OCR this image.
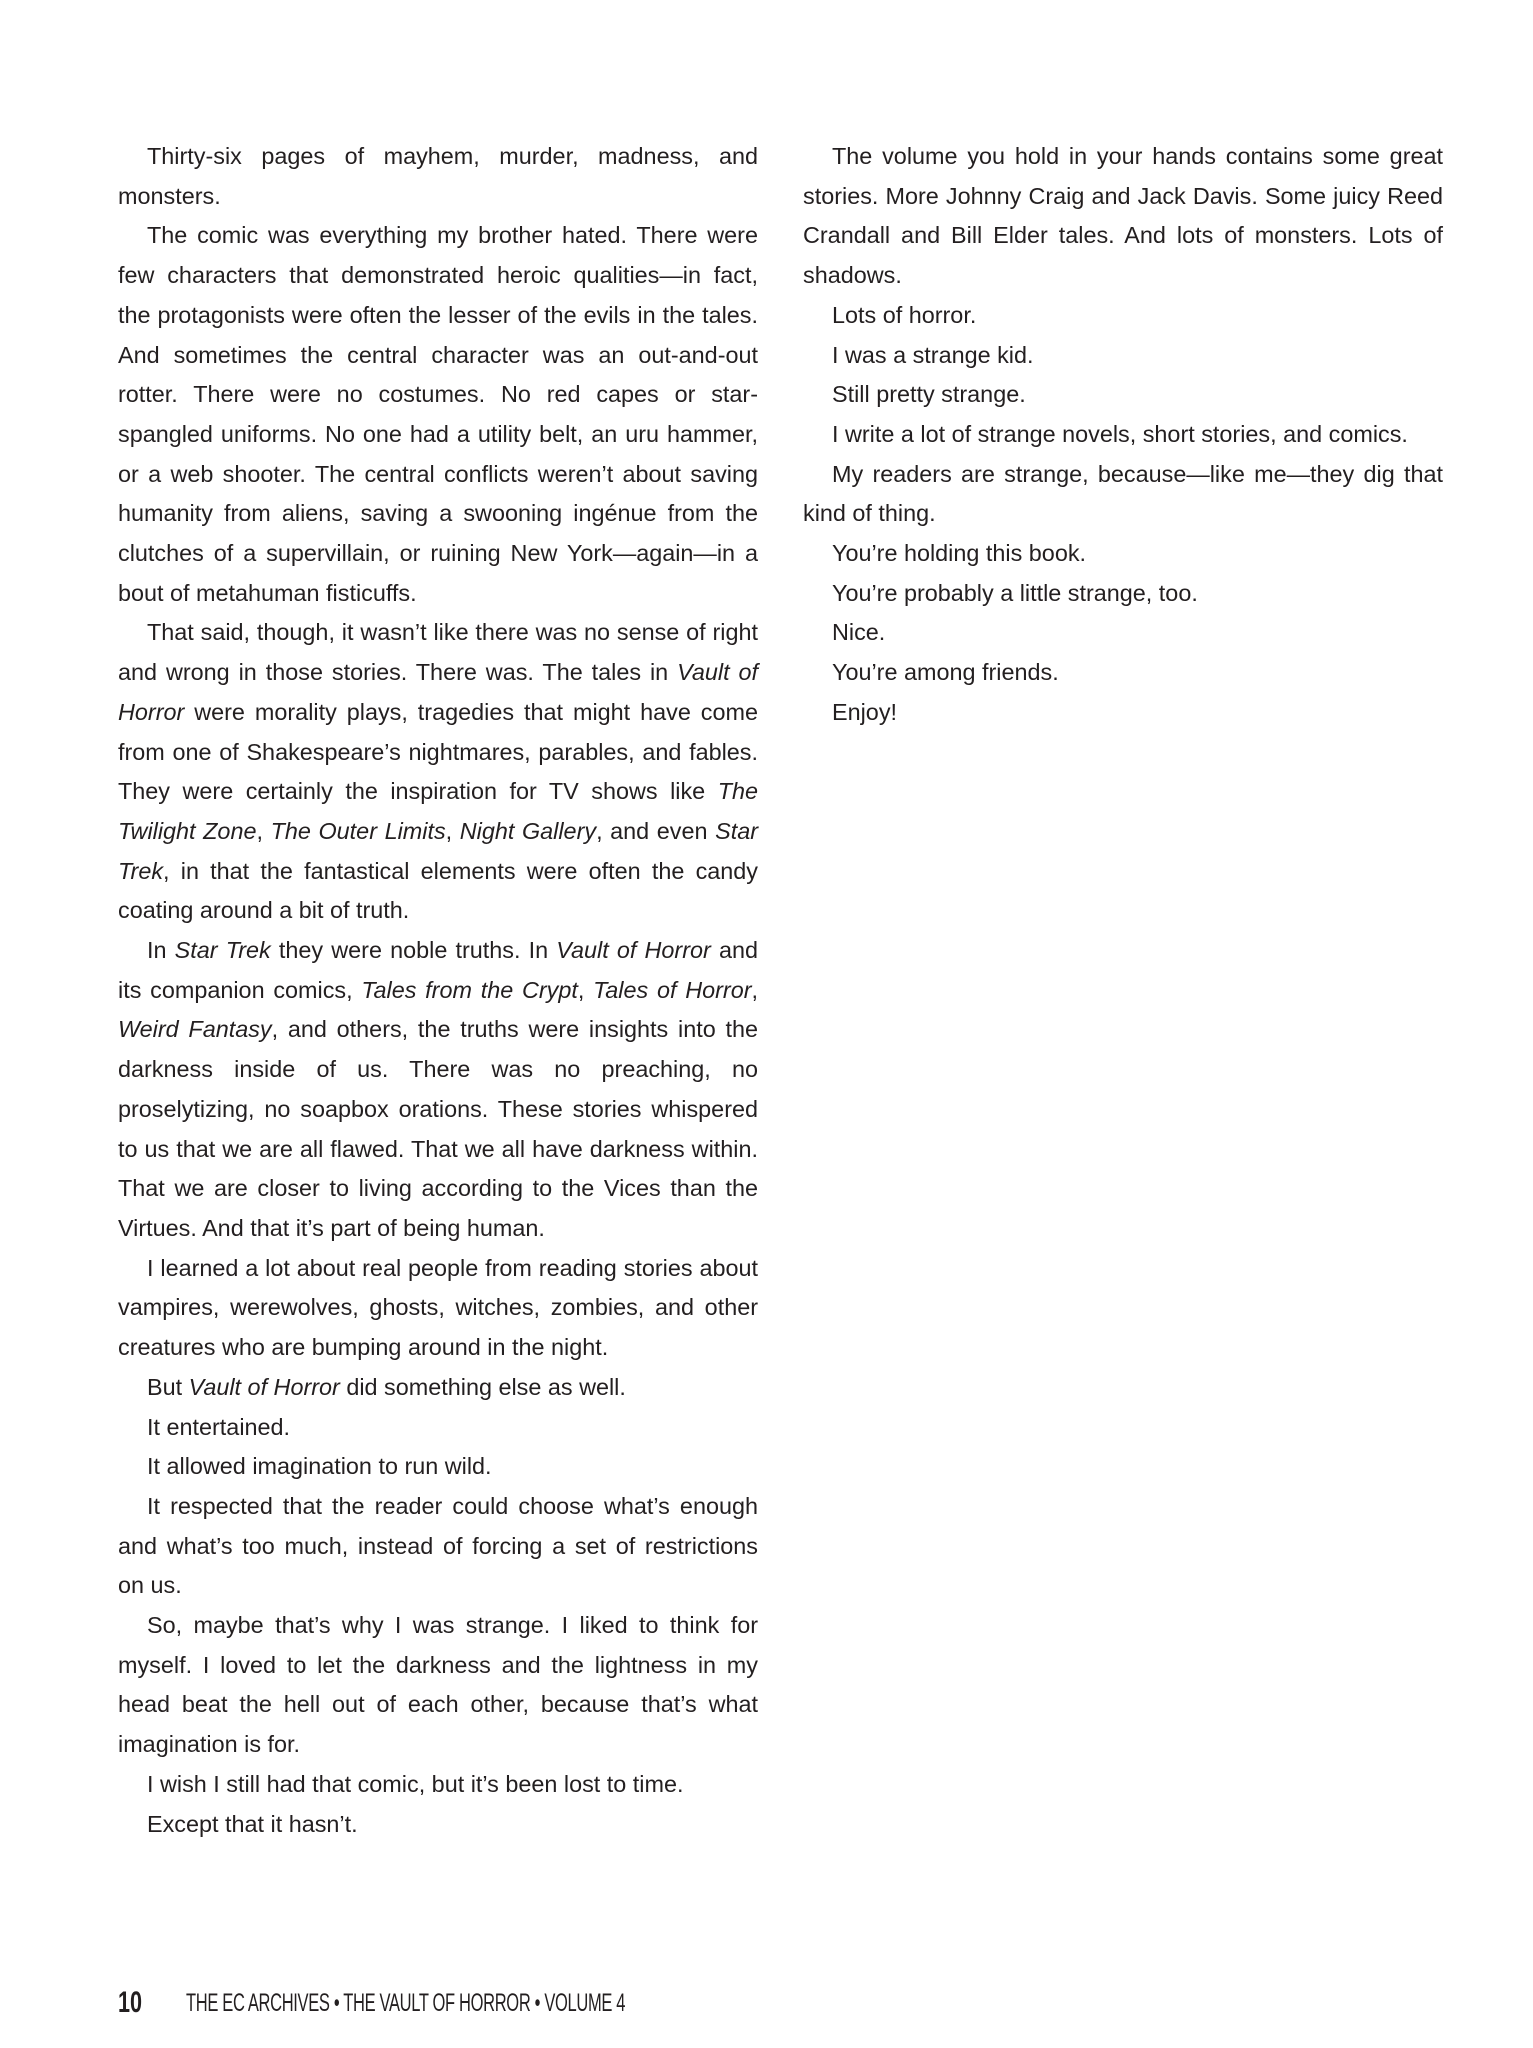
Thirty-six pages of mayhem, murder, madness, and monsters.

The comic was everything my brother hated. There were few characters that demonstrated heroic qualities—in fact, the protagonists were often the lesser of the evils in the tales. And sometimes the central character was an out-and-out rotter. There were no costumes. No red capes or star-spangled uniforms. No one had a utility belt, an uru hammer, or a web shooter. The central conflicts weren’t about saving humanity from aliens, saving a swooning ingénue from the clutches of a supervillain, or ruining New York—again—in a bout of metahuman fisticuffs.

That said, though, it wasn’t like there was no sense of right and wrong in those stories. There was. The tales in Vault of Horror were morality plays, tragedies that might have come from one of Shakespeare’s nightmares, parables, and fables. They were certainly the inspiration for TV shows like The Twilight Zone, The Outer Limits, Night Gallery, and even Star Trek, in that the fantastical elements were often the candy coating around a bit of truth.

In Star Trek they were noble truths. In Vault of Horror and its companion comics, Tales from the Crypt, Tales of Horror, Weird Fantasy, and others, the truths were insights into the darkness inside of us. There was no preaching, no proselytizing, no soapbox orations. These stories whispered to us that we are all flawed. That we all have darkness within. That we are closer to living according to the Vices than the Virtues. And that it’s part of being human.

I learned a lot about real people from reading stories about vampires, werewolves, ghosts, witches, zombies, and other creatures who are bumping around in the night.

But Vault of Horror did something else as well.

It entertained.

It allowed imagination to run wild.

It respected that the reader could choose what’s enough and what’s too much, instead of forcing a set of restrictions on us.

So, maybe that’s why I was strange. I liked to think for myself. I loved to let the darkness and the lightness in my head beat the hell out of each other, because that’s what imagination is for.

I wish I still had that comic, but it’s been lost to time.

Except that it hasn’t.

The volume you hold in your hands contains some great stories. More Johnny Craig and Jack Davis. Some juicy Reed Crandall and Bill Elder tales. And lots of monsters. Lots of shadows.

Lots of horror.

I was a strange kid.

Still pretty strange.

I write a lot of strange novels, short stories, and comics.

My readers are strange, because—like me—they dig that kind of thing.

You’re holding this book.

You’re probably a little strange, too.

Nice.

You’re among friends.

Enjoy!

10 THE EC ARCHIVES • THE VAULT OF HORROR • VOLUME 4
